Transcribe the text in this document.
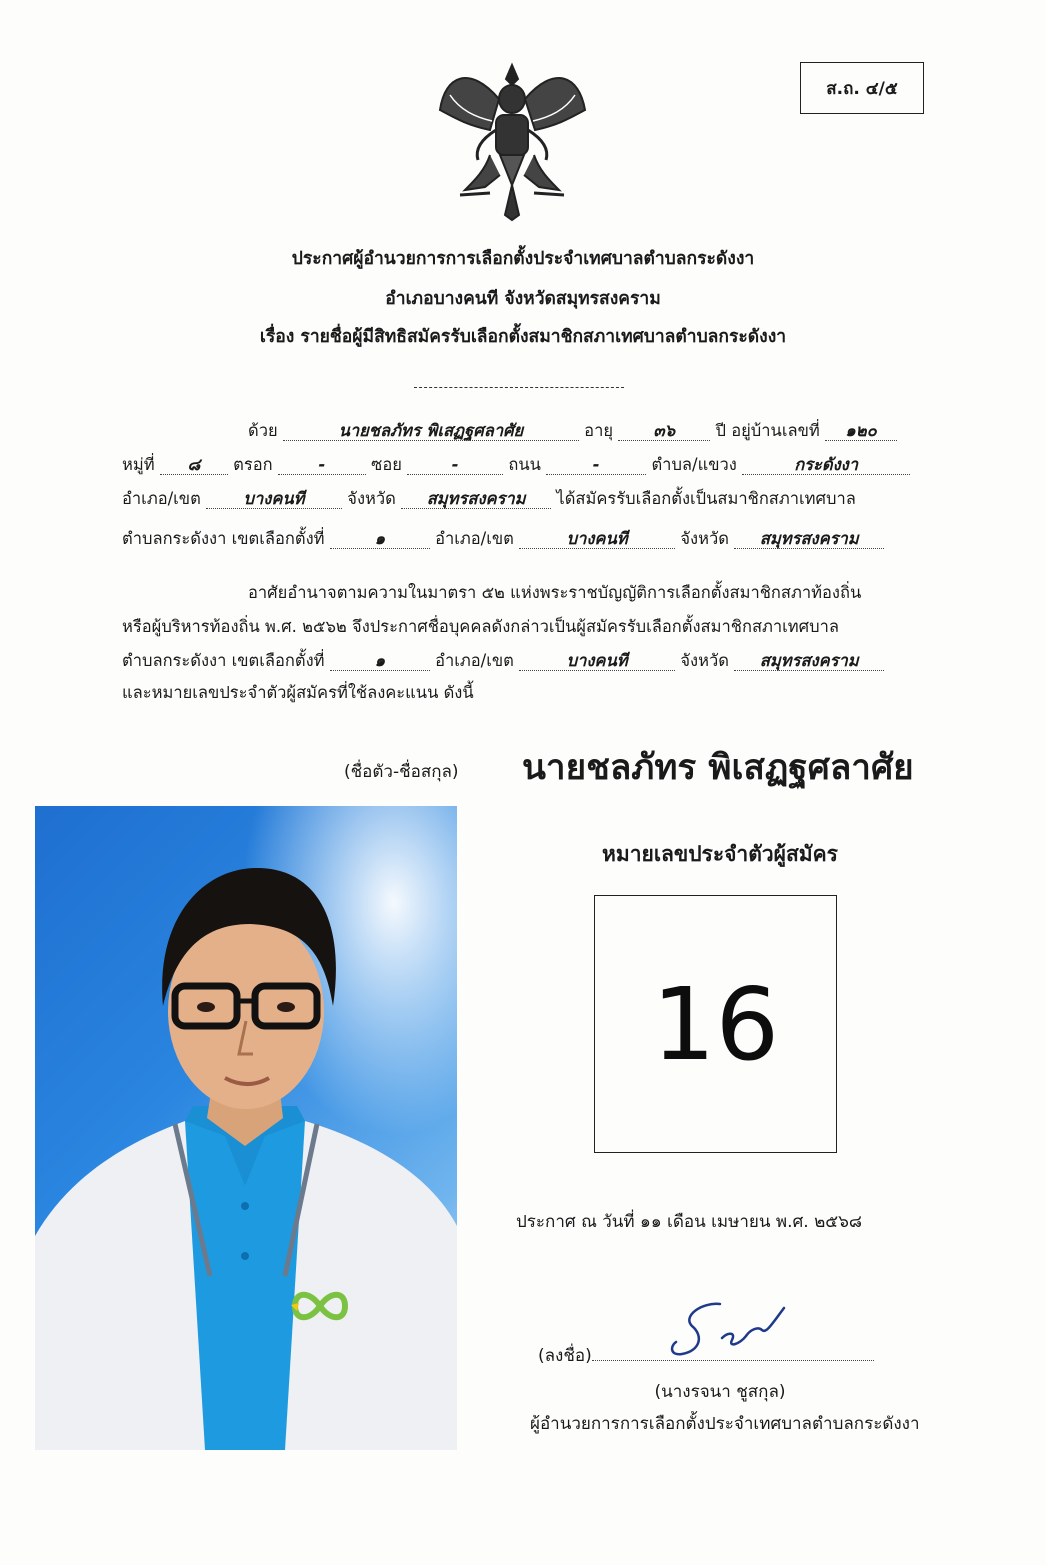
ส.ถ. ๔/๕
ประกาศผู้อำนวยการการเลือกตั้งประจำเทศบาลตำบลกระดังงา
อำเภอบางคนที จังหวัดสมุทรสงคราม
เรื่อง รายชื่อผู้มีสิทธิสมัครรับเลือกตั้งสมาชิกสภาเทศบาลตำบลกระดังงา
ด้วย	นายชลภัทร พิเสฏฐศลาศัย	อายุ ๓๖ ปี อยู่บ้านเลขที่ ๑๒๐
หมู่ที่ ๘ ตรอก	-	ซอย	-	ถนน	-	ตำบล/แขวง	กระดังงา
อำเภอ/เขต	บางคนที	จังหวัด สมุทรสงคราม ได้สมัครรับเลือกตั้งเป็นสมาชิกสภาเทศบาล
ตำบลกระดังงา เขตเลือกตั้งที่	๑	อำเภอ/เขต	บางคนที	จังหวัด สมุทรสงคราม
อาศัยอำนาจตามความในมาตรา ๕๒ แห่งพระราชบัญญัติการเลือกตั้งสมาชิกสภาท้องถิ่น
หรือผู้บริหารท้องถิ่น พ.ศ. ๒๕๖๒ จึงประกาศชื่อบุคคลดังกล่าวเป็นผู้สมัครรับเลือกตั้งสมาชิกสภาเทศบาล
ตำบลกระดังงา เขตเลือกตั้งที่	๑	อำเภอ/เขต	บางคนที	จังหวัด สมุทรสงคราม
และหมายเลขประจำตัวผู้สมัครที่ใช้ลงคะแนน ดังนี้
(ชื่อตัว-ชื่อสกุล) นายชลภัทร พิเสฏฐศลาศัย
หมายเลขประจำตัวผู้สมัคร
16
ประกาศ ณ วันที่ ๑๑ เดือน เมษายน พ.ศ. ๒๕๖๘
(ลงชื่อ)
(นางรจนา ชูสกุล)
ผู้อำนวยการการเลือกตั้งประจำเทศบาลตำบลกระดังงา
